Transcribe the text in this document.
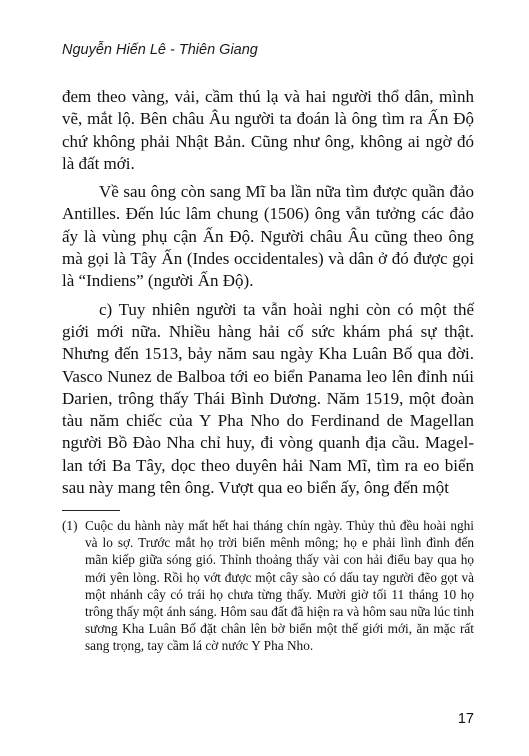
Nguyễn Hiến Lê - Thiên Giang

đem theo vàng, vải, cầm thú lạ và hai người thổ dân, mình vẽ, mắt lộ. Bên châu Âu người ta đoán là ông tìm ra Ấn Độ chứ không phải Nhật Bản. Cũng như ông, không ai ngờ đó là đất mới.

Về sau ông còn sang Mĩ ba lần nữa tìm được quần đảo Antilles. Đến lúc lâm chung (1506) ông vẫn tưởng các đảo ấy là vùng phụ cận Ấn Độ. Người châu Âu cũng theo ông mà gọi là Tây Ấn (Indes occidentales) và dân ở đó được gọi là “Indiens” (người Ấn Độ).

c) Tuy nhiên người ta vẫn hoài nghi còn có một thế giới mới nữa. Nhiều hàng hải cố sức khám phá sự thật. Nhưng đến 1513, bảy năm sau ngày Kha Luân Bố qua đời. Vasco Nunez de Balboa tới eo biển Panama leo lên đỉnh núi Darien, trông thấy Thái Bình Dương. Năm 1519, một đoàn tàu năm chiếc của Y Pha Nho do Ferdinand de Magellan người Bồ Đào Nha chỉ huy, đi vòng quanh địa cầu. Magellan tới Ba Tây, dọc theo duyên hải Nam Mĩ, tìm ra eo biển sau này mang tên ông. Vượt qua eo biển ấy, ông đến một

(1) Cuộc du hành này mất hết hai tháng chín ngày. Thủy thủ đều hoài nghi và lo sợ. Trước mắt họ trời biển mênh mông; họ e phải lình đình đến mãn kiếp giữa sóng gió. Thỉnh thoảng thấy vài con hải điểu bay qua họ mới yên lòng. Rồi họ vớt được một cây sào có dấu tay người đẽo gọt và một nhánh cây có trái họ chưa từng thấy. Mười giờ tối 11 tháng 10 họ trông thấy một ánh sáng. Hôm sau đất đã hiện ra và hôm sau nữa lúc tinh sương Kha Luân Bố đặt chân lên bờ biển một thế giới mới, ăn mặc rất sang trọng, tay cầm lá cờ nước Y Pha Nho.
17
